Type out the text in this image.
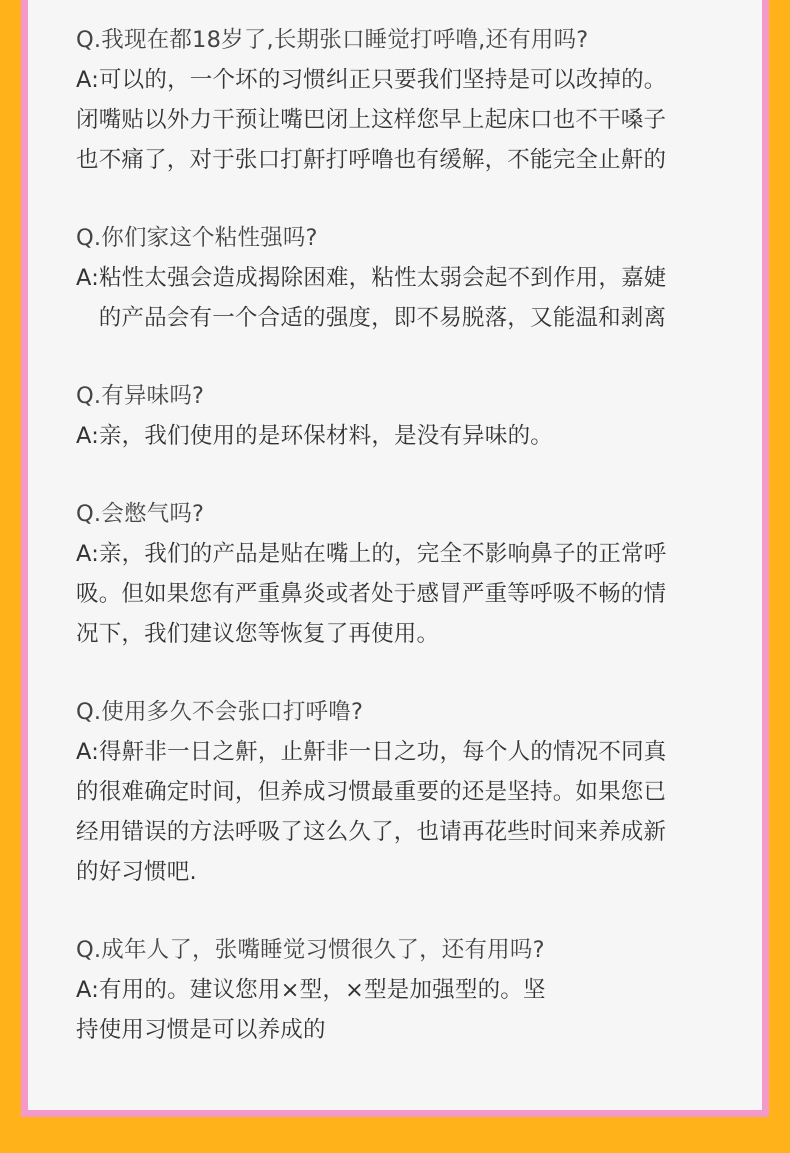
Q.我现在都18岁了,长期张口睡觉打呼噜,还有用吗?

A:可以的，一个坏的习惯纠正只要我们坚持是可以改掉的。

闭嘴贴以外力干预让嘴巴闭上这样您早上起床口也不干嗓子

也不痛了，对于张口打鼾打呼噜也有缓解，不能完全止鼾的

Q.你们家这个粘性强吗?

A:粘性太强会造成揭除困难，粘性太弱会起不到作用，嘉婕

　的产品会有一个合适的强度，即不易脱落，又能温和剥离

Q.有异味吗?

A:亲，我们使用的是环保材料，是没有异味的。

Q.会憋气吗?

A:亲，我们的产品是贴在嘴上的，完全不影响鼻子的正常呼

吸。但如果您有严重鼻炎或者处于感冒严重等呼吸不畅的情

况下，我们建议您等恢复了再使用。

Q.使用多久不会张口打呼噜?

A:得鼾非一日之鼾，止鼾非一日之功，每个人的情况不同真

的很难确定时间，但养成习惯最重要的还是坚持。如果您已

经用错误的方法呼吸了这么久了，也请再花些时间来养成新

的好习惯吧.

Q.成年人了，张嘴睡觉习惯很久了，还有用吗?

A:有用的。建议您用×型，×型是加强型的。坚

持使用习惯是可以养成的
